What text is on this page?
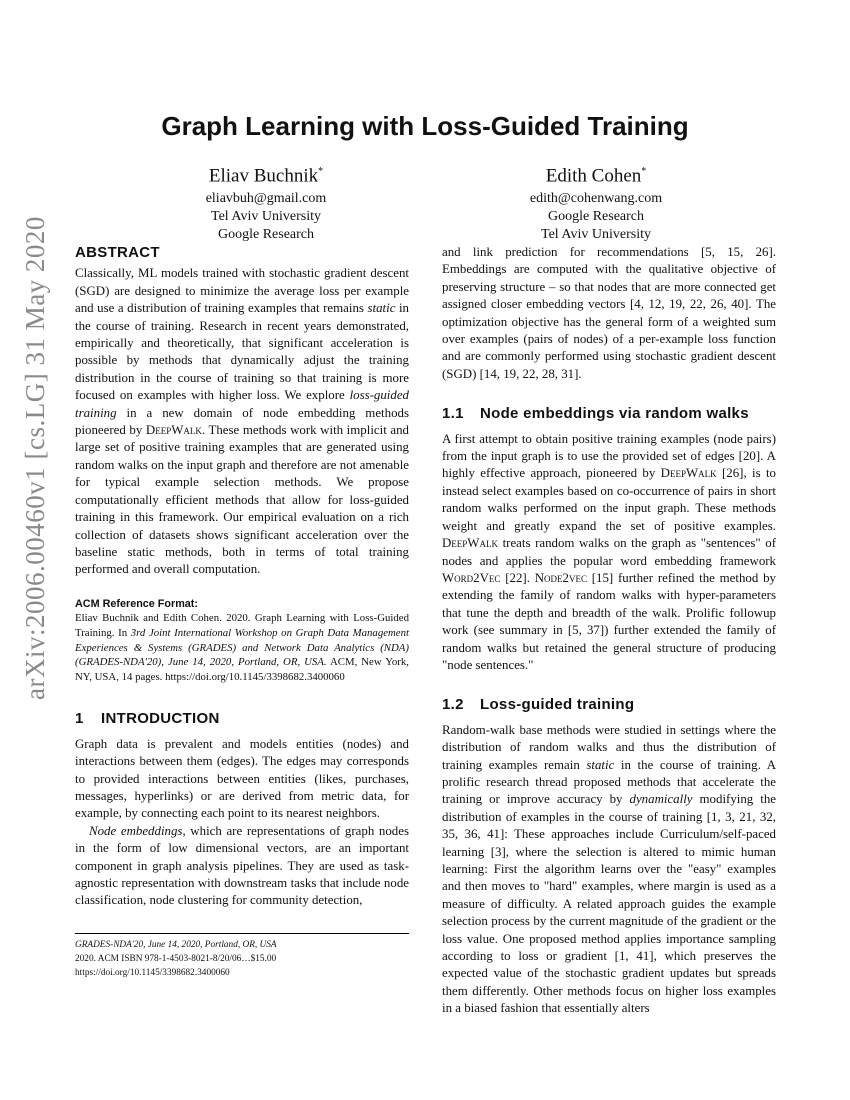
arXiv:2006.00460v1 [cs.LG] 31 May 2020
Graph Learning with Loss-Guided Training
Eliav Buchnik*
eliavbuh@gmail.com
Tel Aviv University
Google Research
Edith Cohen*
edith@cohenwang.com
Google Research
Tel Aviv University
ABSTRACT

Classically, ML models trained with stochastic gradient descent (SGD) are designed to minimize the average loss per example and use a distribution of training examples that remains static in the course of training. Research in recent years demonstrated, empirically and theoretically, that significant acceleration is possible by methods that dynamically adjust the training distribution in the course of training so that training is more focused on examples with higher loss. We explore loss-guided training in a new domain of node embedding methods pioneered by DeepWalk. These methods work with implicit and large set of positive training examples that are generated using random walks on the input graph and therefore are not amenable for typical example selection methods. We propose computationally efficient methods that allow for loss-guided training in this framework. Our empirical evaluation on a rich collection of datasets shows significant acceleration over the baseline static methods, both in terms of total training performed and overall computation.

ACM Reference Format:

Eliav Buchnik and Edith Cohen. 2020. Graph Learning with Loss-Guided Training. In 3rd Joint International Workshop on Graph Data Management Experiences & Systems (GRADES) and Network Data Analytics (NDA) (GRADES-NDA'20), June 14, 2020, Portland, OR, USA. ACM, New York, NY, USA, 14 pages. https://doi.org/10.1145/3398682.3400060

1 INTRODUCTION

Graph data is prevalent and models entities (nodes) and interactions between them (edges). The edges may corresponds to provided interactions between entities (likes, purchases, messages, hyperlinks) or are derived from metric data, for example, by connecting each point to its nearest neighbors.

Node embeddings, which are representations of graph nodes in the form of low dimensional vectors, are an important component in graph analysis pipelines. They are used as task-agnostic representation with downstream tasks that include node classification, node clustering for community detection,

GRADES-NDA'20, June 14, 2020, Portland, OR, USA
2020. ACM ISBN 978-1-4503-8021-8/20/06…$15.00
https://doi.org/10.1145/3398682.3400060

and link prediction for recommendations [5, 15, 26]. Embeddings are computed with the qualitative objective of preserving structure – so that nodes that are more connected get assigned closer embedding vectors [4, 12, 19, 22, 26, 40]. The optimization objective has the general form of a weighted sum over examples (pairs of nodes) of a per-example loss function and are commonly performed using stochastic gradient descent (SGD) [14, 19, 22, 28, 31].

1.1 Node embeddings via random walks

A first attempt to obtain positive training examples (node pairs) from the input graph is to use the provided set of edges [20]. A highly effective approach, pioneered by DeepWalk [26], is to instead select examples based on co-occurrence of pairs in short random walks performed on the input graph. These methods weight and greatly expand the set of positive examples. DeepWalk treats random walks on the graph as "sentences" of nodes and applies the popular word embedding framework Word2Vec [22]. Node2vec [15] further refined the method by extending the family of random walks with hyper-parameters that tune the depth and breadth of the walk. Prolific followup work (see summary in [5, 37]) further extended the family of random walks but retained the general structure of producing "node sentences."

1.2 Loss-guided training

Random-walk base methods were studied in settings where the distribution of random walks and thus the distribution of training examples remain static in the course of training. A prolific research thread proposed methods that accelerate the training or improve accuracy by dynamically modifying the distribution of examples in the course of training [1, 3, 21, 32, 35, 36, 41]: These approaches include Curriculum/self-paced learning [3], where the selection is altered to mimic human learning: First the algorithm learns over the "easy" examples and then moves to "hard" examples, where margin is used as a measure of difficulty. A related approach guides the example selection process by the current magnitude of the gradient or the loss value. One proposed method applies importance sampling according to loss or gradient [1, 41], which preserves the expected value of the stochastic gradient updates but spreads them differently. Other methods focus on higher loss examples in a biased fashion that essentially alters
